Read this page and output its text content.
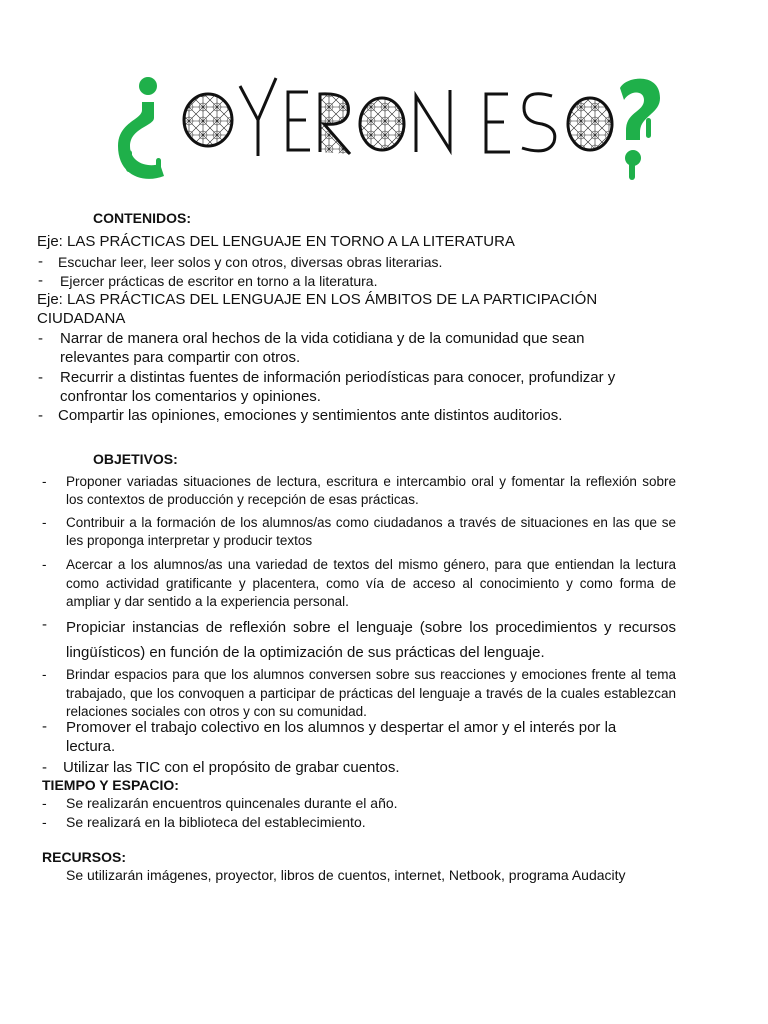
CONTENIDOS:
Eje: LAS PRÁCTICAS DEL LENGUAJE EN TORNO A LA LITERATURA
- Escuchar leer, leer solos y con otros, diversas obras literarias.
- Ejercer prácticas de escritor en torno a la literatura.
Eje: LAS PRÁCTICAS DEL LENGUAJE EN LOS ÁMBITOS DE LA PARTICIPACIÓN
CIUDADANA
- Narrar de manera oral hechos de la vida cotidiana y de la comunidad que sean
relevantes para compartir con otros.
- Recurrir a distintas fuentes de información periodísticas para conocer, profundizar y
confrontar los comentarios y opiniones.
- Compartir las opiniones, emociones y sentimientos ante distintos auditorios.
OBJETIVOS:
- Proponer variadas situaciones de lectura, escritura e intercambio oral y fomentar la reflexión sobre los contextos de producción y recepción de esas prácticas.
- Contribuir a la formación de los alumnos/as como ciudadanos a través de situaciones en las que se les proponga interpretar y producir textos
- Acercar a los alumnos/as una variedad de textos del mismo género, para que entiendan la lectura como actividad gratificante y placentera, como vía de acceso al conocimiento y como forma de ampliar y dar sentido a la experiencia personal.
- Propiciar instancias de reflexión sobre el lenguaje (sobre los procedimientos y recursos lingüísticos) en función de la optimización de sus prácticas del lenguaje.
- Brindar espacios para que los alumnos conversen sobre sus reacciones y emociones frente al tema trabajado, que los convoquen a participar de prácticas del lenguaje a través de la cuales establezcan relaciones sociales con otros y con su comunidad.
- Promover el trabajo colectivo en los alumnos y despertar el amor y el interés por la lectura.
- Utilizar las TIC con el propósito de grabar cuentos.
TIEMPO Y ESPACIO:
- Se realizarán encuentros quincenales durante el año.
- Se realizará en la biblioteca del establecimiento.
RECURSOS:
Se utilizarán imágenes, proyector, libros de cuentos, internet, Netbook, programa Audacity
